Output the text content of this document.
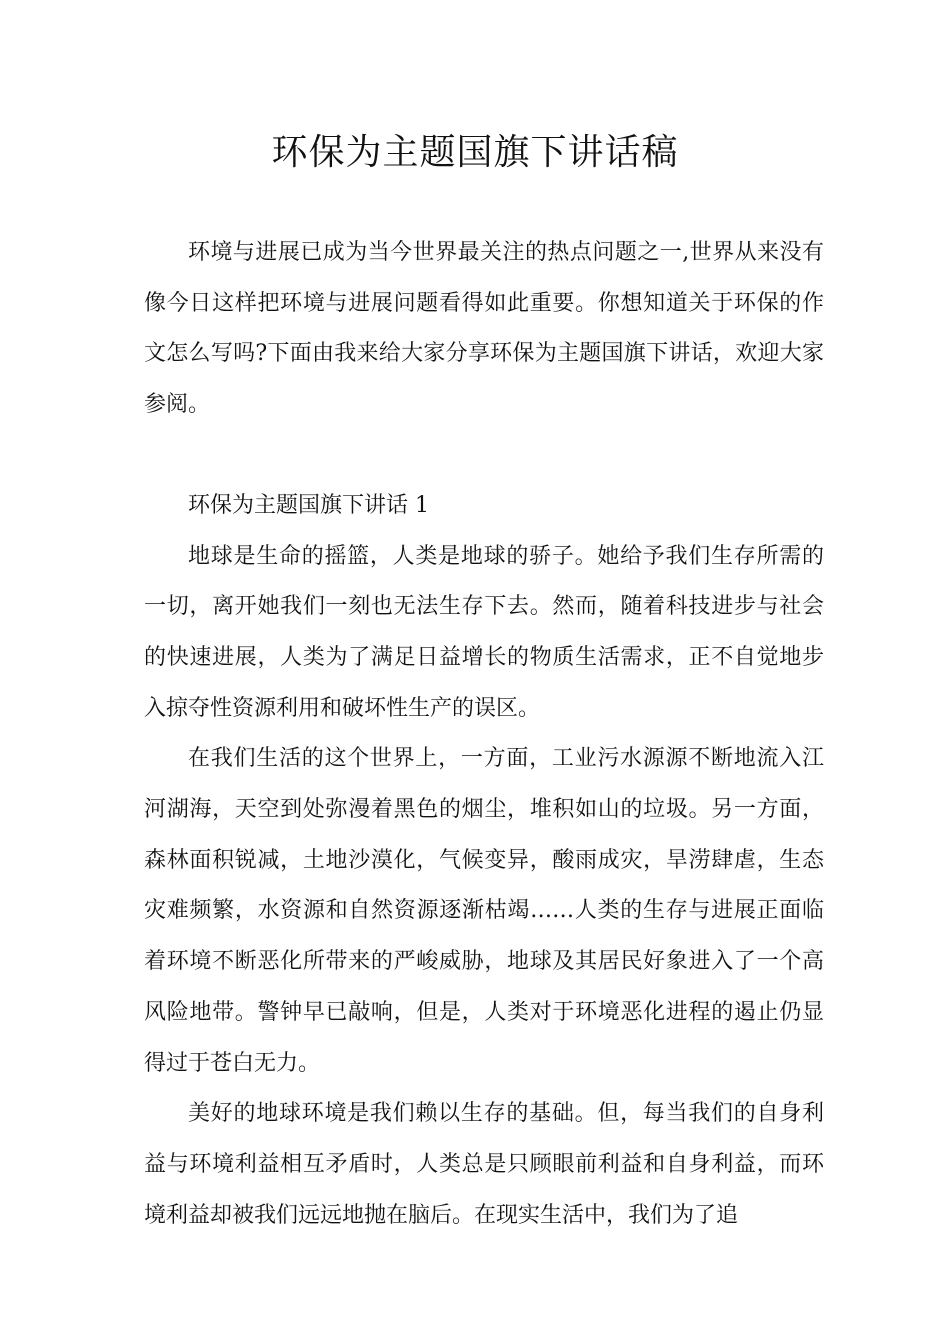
环保为主题国旗下讲话稿

环境与进展已成为当今世界最关注的热点问题之一,世界从来没有像今日这样把环境与进展问题看得如此重要。你想知道关于环保的作文怎么写吗?下面由我来给大家分享环保为主题国旗下讲话，欢迎大家参阅。

环保为主题国旗下讲话 1

地球是生命的摇篮，人类是地球的骄子。她给予我们生存所需的一切，离开她我们一刻也无法生存下去。然而，随着科技进步与社会的快速进展，人类为了满足日益增长的物质生活需求，正不自觉地步入掠夺性资源利用和破坏性生产的误区。

在我们生活的这个世界上，一方面，工业污水源源不断地流入江河湖海，天空到处弥漫着黑色的烟尘，堆积如山的垃圾。另一方面，森林面积锐减，土地沙漠化，气候变异，酸雨成灾，旱涝肆虐，生态灾难频繁，水资源和自然资源逐渐枯竭……人类的生存与进展正面临着环境不断恶化所带来的严峻威胁，地球及其居民好象进入了一个高风险地带。警钟早已敲响，但是，人类对于环境恶化进程的遏止仍显得过于苍白无力。

美好的地球环境是我们赖以生存的基础。但，每当我们的自身利益与环境利益相互矛盾时，人类总是只顾眼前利益和自身利益，而环境利益却被我们远远地抛在脑后。在现实生活中，我们为了追
